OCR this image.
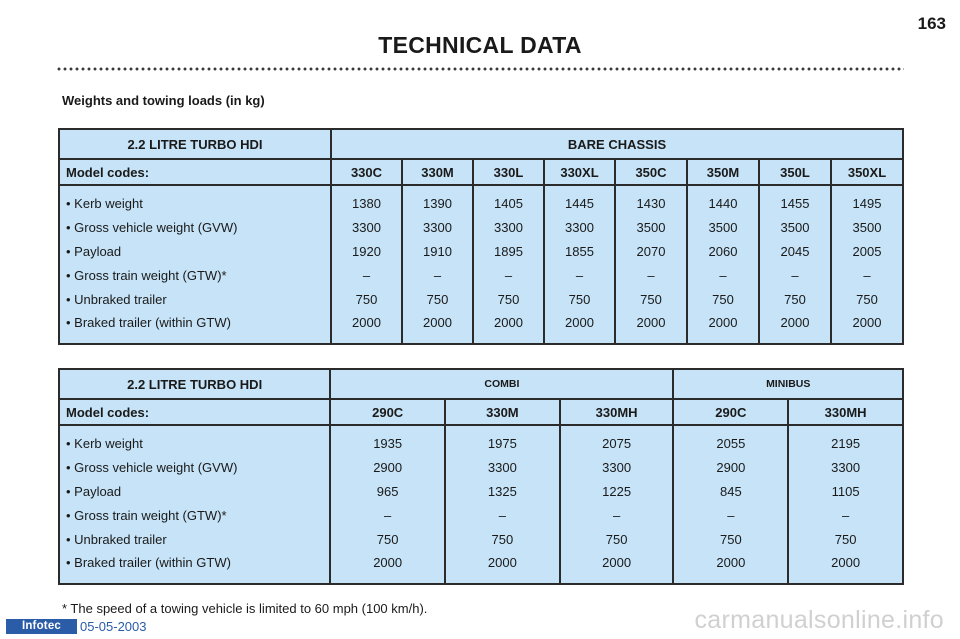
163
TECHNICAL DATA
Weights and towing loads (in kg)
2.2 LITRE TURBO HDI	BARE CHASSIS							
Model codes:	330C	330M	330L	330XL	350C	350M	350L	350XL
• Kerb weight	1380	1390	1405	1445	1430	1440	1455	1495
• Gross vehicle weight (GVW)	3300	3300	3300	3300	3500	3500	3500	3500
• Payload	1920	1910	1895	1855	2070	2060	2045	2005
• Gross train weight (GTW)*	–	–	–	–	–	–	–	–
• Unbraked trailer	750	750	750	750	750	750	750	750
• Braked trailer (within GTW)	2000	2000	2000	2000	2000	2000	2000	2000
2.2 LITRE TURBO HDI	COMBI			MINIBUS	
Model codes:	290C	330M	330MH	290C	330MH
• Kerb weight	1935	1975	2075	2055	2195
• Gross vehicle weight (GVW)	2900	3300	3300	2900	3300
• Payload	965	1325	1225	845	1105
• Gross train weight (GTW)*	–	–	–	–	–
• Unbraked trailer	750	750	750	750	750
• Braked trailer (within GTW)	2000	2000	2000	2000	2000
* The speed of a towing vehicle is limited to 60 mph (100 km/h).
Infotec	05-05-2003	carmanualsonline.info
